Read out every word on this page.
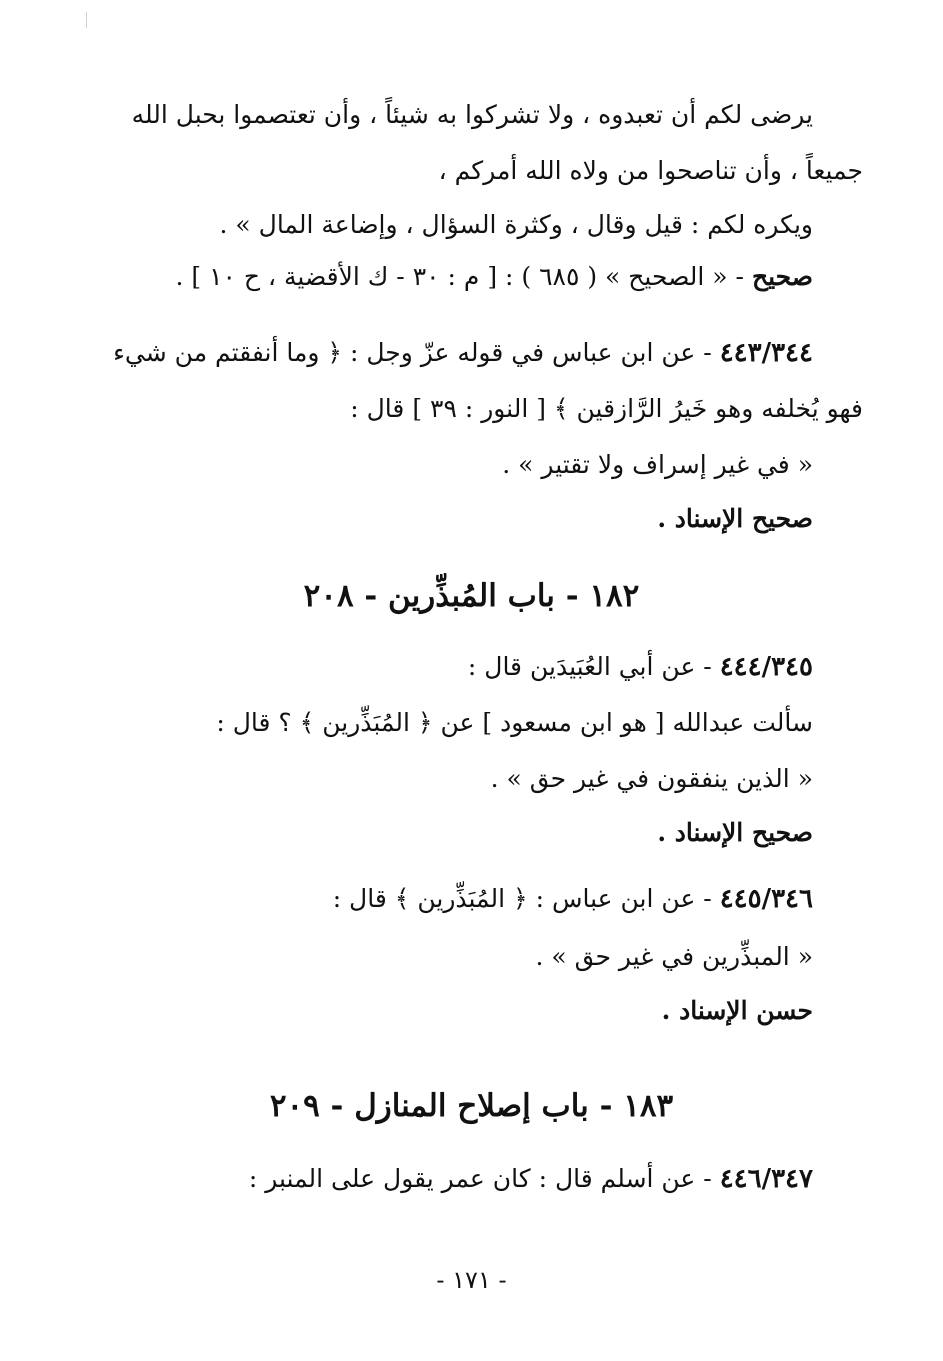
يرضى لكم أن تعبدوه ، ولا تشركوا به شيئاً ، وأن تعتصموا بحبل الله
جميعاً ، وأن تناصحوا من ولاه الله أمركم ،
ويكره لكم : قيل وقال ، وكثرة السؤال ، وإضاعة المال » .
صحيح - « الصحيح » ( ٦٨٥ ) : [ م : ٣٠ - ك الأقضية ، ح ١٠ ] .
٤٤٣/٣٤٤ - عن ابن عباس في قوله عزّ وجل : ﴿ وما أنفقتم من شيء
فهو يُخلفه وهو خَيرُ الرَّازقين ﴾ [ النور : ٣٩ ] قال :
« في غير إسراف ولا تقتير » .
صحيح الإسناد .
١٨٢ - باب المُبذِّرين - ٢٠٨
٤٤٤/٣٤٥ - عن أبي العُبَيدَين قال :
سألت عبدالله [ هو ابن مسعود ] عن ﴿ المُبَذِّرين ﴾ ؟ قال :
« الذين ينفقون في غير حق » .
صحيح الإسناد .
٤٤٥/٣٤٦ - عن ابن عباس : ﴿ المُبَذِّرين ﴾ قال :
« المبذِّرين في غير حق » .
حسن الإسناد .
١٨٣ - باب إصلاح المنازل - ٢٠٩
٤٤٦/٣٤٧ - عن أسلم قال : كان عمر يقول على المنبر :
- ١٧١ -
